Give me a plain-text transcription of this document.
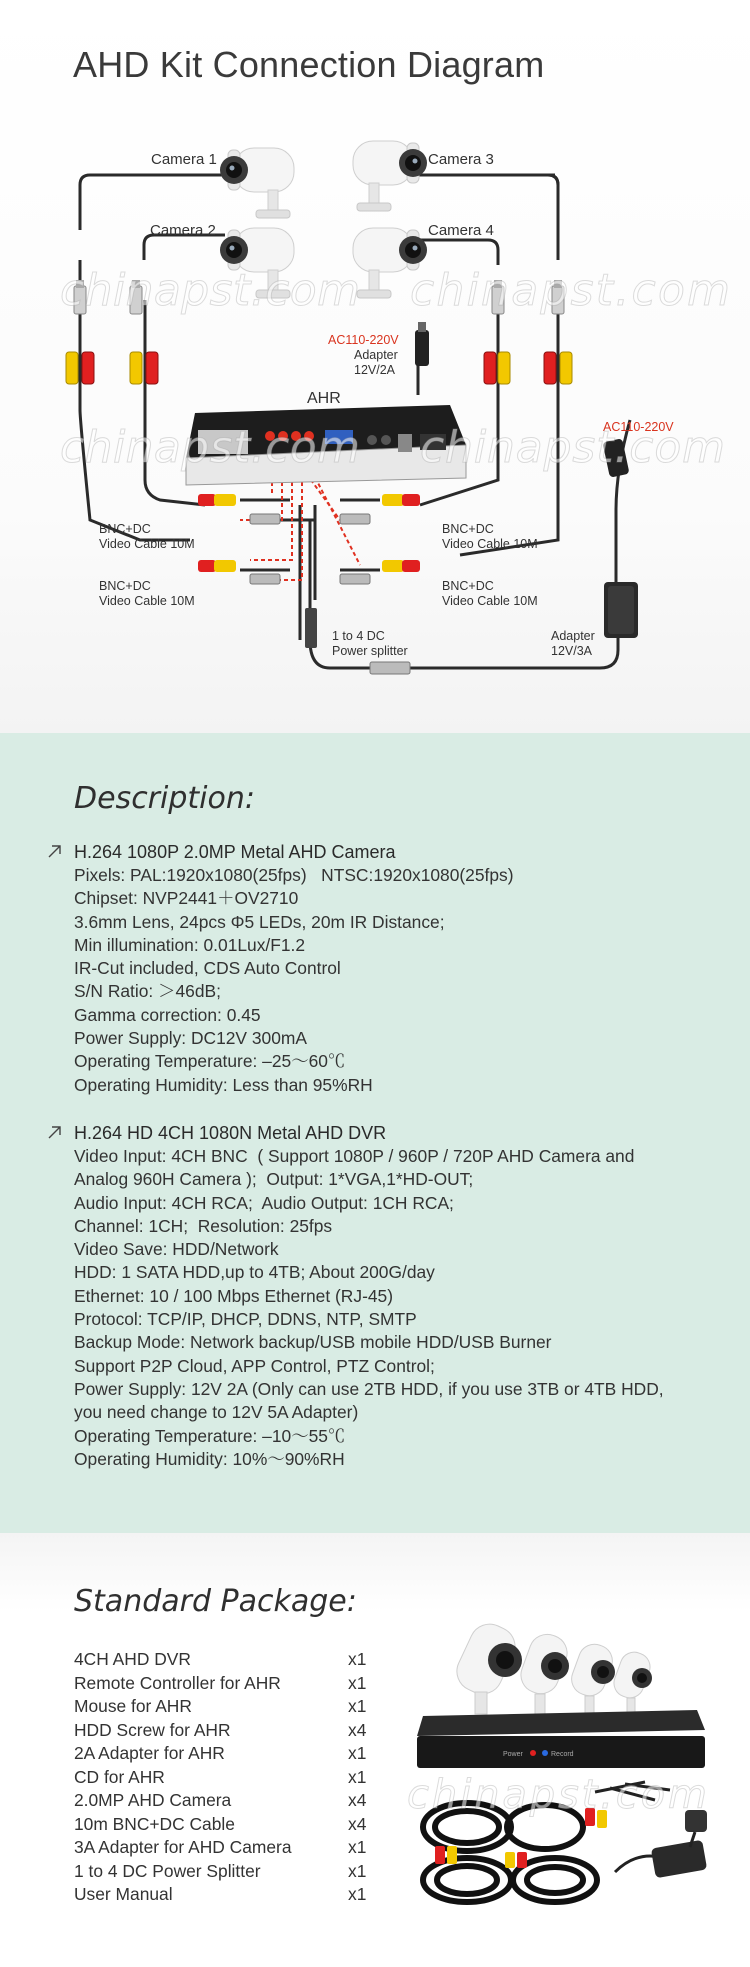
AHD Kit Connection Diagram
Camera 1
Camera 2
Camera 3
Camera 4
AHR
AC110-220V
Adapter
12V/2A
AC110-220V
Adapter
12V/3A
BNC+DC
Video Cable 10M
BNC+DC
Video Cable 10M
BNC+DC
Video Cable 10M
BNC+DC
Video Cable 10M
1 to 4 DC
Power splitter
chinapst.com chinapst.com
chinapst.com chinapst.com
Description:
H.264 1080P 2.0MP Metal AHD Camera
Pixels: PAL:1920x1080(25fps)   NTSC:1920x1080(25fps)
Chipset: NVP2441＋OV2710
3.6mm Lens, 24pcs Φ5 LEDs, 20m IR Distance;
Min illumination: 0.01Lux/F1.2
IR-Cut included, CDS Auto Control
S/N Ratio: ＞46dB;
Gamma correction: 0.45
Power Supply: DC12V 300mA
Operating Temperature: –25～60℃
Operating Humidity: Less than 95%RH
H.264 HD 4CH 1080N Metal AHD DVR
Video Input: 4CH BNC  ( Support 1080P / 960P / 720P AHD Camera and
Analog 960H Camera );  Output: 1*VGA,1*HD-OUT;
Audio Input: 4CH RCA;  Audio Output: 1CH RCA;
Channel: 1CH;  Resolution: 25fps
Video Save: HDD/Network
HDD: 1 SATA HDD,up to 4TB; About 200G/day
Ethernet: 10 / 100 Mbps Ethernet (RJ-45)
Protocol: TCP/IP, DHCP, DDNS, NTP, SMTP
Backup Mode: Network backup/USB mobile HDD/USB Burner
Support P2P Cloud, APP Control, PTZ Control;
Power Supply: 12V 2A (Only can use 2TB HDD, if you use 3TB or 4TB HDD,
you need change to 12V 5A Adapter)
Operating Temperature: –10～55℃
Operating Humidity: 10%～90%RH
Standard Package:
4CH AHD DVR	x1
Remote Controller for AHR	x1
Mouse for AHR	x1
HDD Screw for AHR	x4
2A Adapter for AHR	x1
CD for AHR	x1
2.0MP AHD Camera	x4
10m BNC+DC Cable	x4
3A Adapter for AHD Camera	x1
1 to 4 DC Power Splitter	x1
User Manual	x1
Power	Record
chinapst.com
